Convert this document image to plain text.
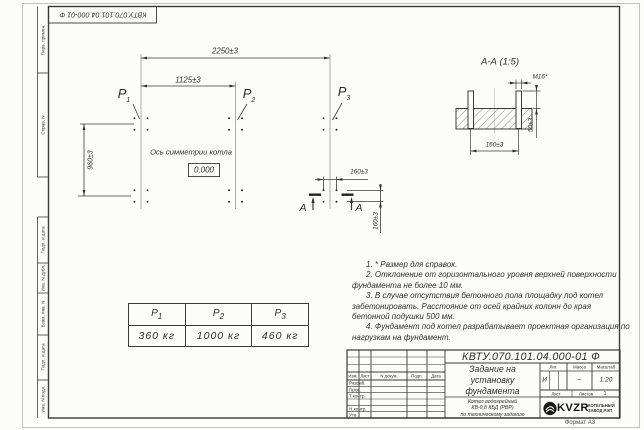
КВТУ.070.101.04.000-01 Ф
Перв. примен.
Справ. N
Подп. и дата
Инв. N дубл.
Взам. инв. N
Подп. и дата
Инв. N подл.
2250±3
1125±3
960±3
$P_1$	$P_2$
$P_3$
Ось симметрии котла
0,000	160±3
160±3
А	А
А-А (1:5)
М16*
50±3
160±3

1. * Размер для справок.

2. Отклонение от горизонтального уровня верхней поверхности фундамента не более 10 мм.

3. В случае отсутствия бетонного пола площадку под котел забетонировать. Расстояние от осей крайних колонн до края бетонной подушки 500 мм.

4. Фундамент под котел разрабатывает проектная организация по нагрузкам на фундамент.

$P_1$	$P_2$	$P_3$
360 кг	1000 кг	460 кг
КВТУ.070.101.04.000-01 Ф
Изм. Лист N докум.	Подп. Дата
Разраб.
Пров.
Т.контр.
Н.контр.
Утв.
Задание на
установку
фундамента
Котел водогрейный
КВ-0,8 КБД (РВР)
по техническому заданию
Лит.	Масса	Масштаб
И	–	1:20
Лист	Листов 1
KVZR КОТЕЛЬНЫЙ
ЗАВОД РЭП
Формат А3
